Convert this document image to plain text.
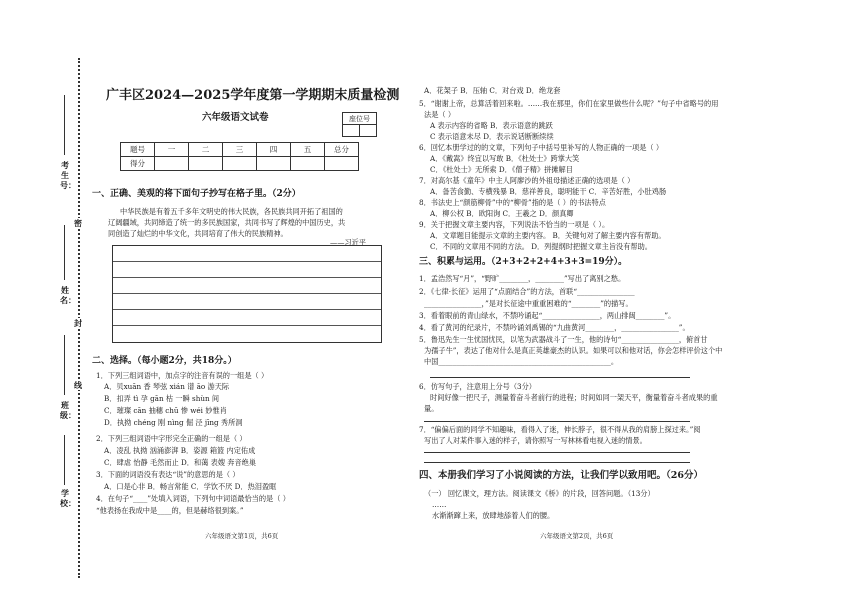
考生号：
姓名：
班级：
学校：
密
封
线
广丰区2024—2025学年度第一学期期末质量检测
六年级语文试卷	座位号

题号	一	二	三	四	五	总分
得分						
一、正确、美观的将下面句子抄写在格子里。（2分）
中华民族是有着五千多年文明史的伟大民族，各民族共同开拓了祖国的
辽阔疆域，共同缔造了统一的多民族国家，共同书写了辉煌的中国历史，共
同创造了灿烂的中华文化，共同培育了伟大的民族精神。
——习近平
二、选择。（每小题2分，共18分。）
1．下列三组词语中，加点字的注音有误的一组是（ ）
A．贝xuān 香 琴弦 xián 谱 āo 游天际
B．扣弄 tì 孕 gān 枯 一瞬 shùn 间
C．璀璨 cān 抽穗 chū 惨 wéi 妙惟肖
D．执拗 chéng 刚 nìng 倔 泾 jīng 秀所洞
2．下列三组词语中字形完全正确的一组是（ ）
A．凌乱 执拗 汹涌澎湃 B．姿源 箱篮 内定佑成
C．肆虐 怡静 毛然而止 D．和蔼 表嫂 奔音绝巢
3．下面的词语没有表达“说”的意思的是（ ）
A．口是心非 B．畅言常能 C．学饮不厌 D．热泪盈眶
4．在句子“____”处填入词语，下列句中词语最恰当的是（ ）
“他表扬在我成中是____的，但是赫络很到案。”
六年级语文第1页，共6页
A．花架子 B．压轴 C．对台戏 D．绝龙套
5．“谢谢上帝，总算活着回来啦。……我在那里，你们在家里做些什么呢？”句子中省略号的用
法是（ ）
A 表示内容的省略 B．表示语意的跳跃
C 表示语意未尽 D．表示说话断断续续
6．回忆本册学过的的文章，下列句子中括号里补写的人物正确的一项是（ ）
A．《戴嵩》终宜以写敢 B．《杜处士》跨掌大笑
C．《杜处士》无所索 D．《僧子精》拼摊解目
7．对高尔基《童年》中主人阿廖沙的外祖母描述正确的选项是（ ）
A．备苦食勤、专横残暴 B．慈祥善良，聪明能干 C．辛苦好胜，小肚鸡肠
8．书法史上“颜筋柳骨”中的“柳骨”指的是（ ）的书法特点
A．柳公权 B．欧阳询 C．王羲之 D．颜真卿
9．关于把握文章主要内容，下列说法不恰当的一项是（ ）。
A．文章题目能提示文章的主要内容。 B．关键句对了解主要内容有帮助。
C．不同的文章用不同的方法。 D．列提纲时把握文章主旨没有帮助。
三、积累与运用。（2+3+2+2+4+3+3=19分）。
1．孟浩然写“月”，“野旷________，________”写出了离别之愁。
2．《七律·长征》运用了“点面结合”的方法，首联“________________
________________，”是对长征途中重重困难的“________”的描写。
3．看着眼前的青山绿水，不禁吟诵起“________________，两山排闼________”。
4．看了黄河的纪录片，不禁吟诵刘禹锡的“九曲黄河________，________________”。
5．鲁迅先生一生忧国忧民，以笔为武器战斗了一生，他的诗句“________________，俯首甘
为孺子牛”，表达了他对什么是真正英雄豪杰的认识。如果可以和他对话，你会怎样评价这个中
中国________________________________________________。
6．仿写句子，注意用上分号（3分）
时间好像一把尺子，测量着奋斗者前行的进程；时间如同一架天平，衡量着奋斗者成果的重
量。
7．“偏偏后面的同学不知趣味，看得入了迷，伸长脖子，很不得从我的肩膀上探过来。”阅
写出了人对某件事入迷的样子，请你照写一写林林看电视入迷的情景。
四、本册我们学习了小说阅读的方法，让我们学以致用吧。（26分）
（一） 回忆课文，理方法。阅读课文《桥》的片段，回答问题。（13分）
……
水渐渐蹿上来，放肆地舔着人们的腰。
六年级语文第2页，共6页
